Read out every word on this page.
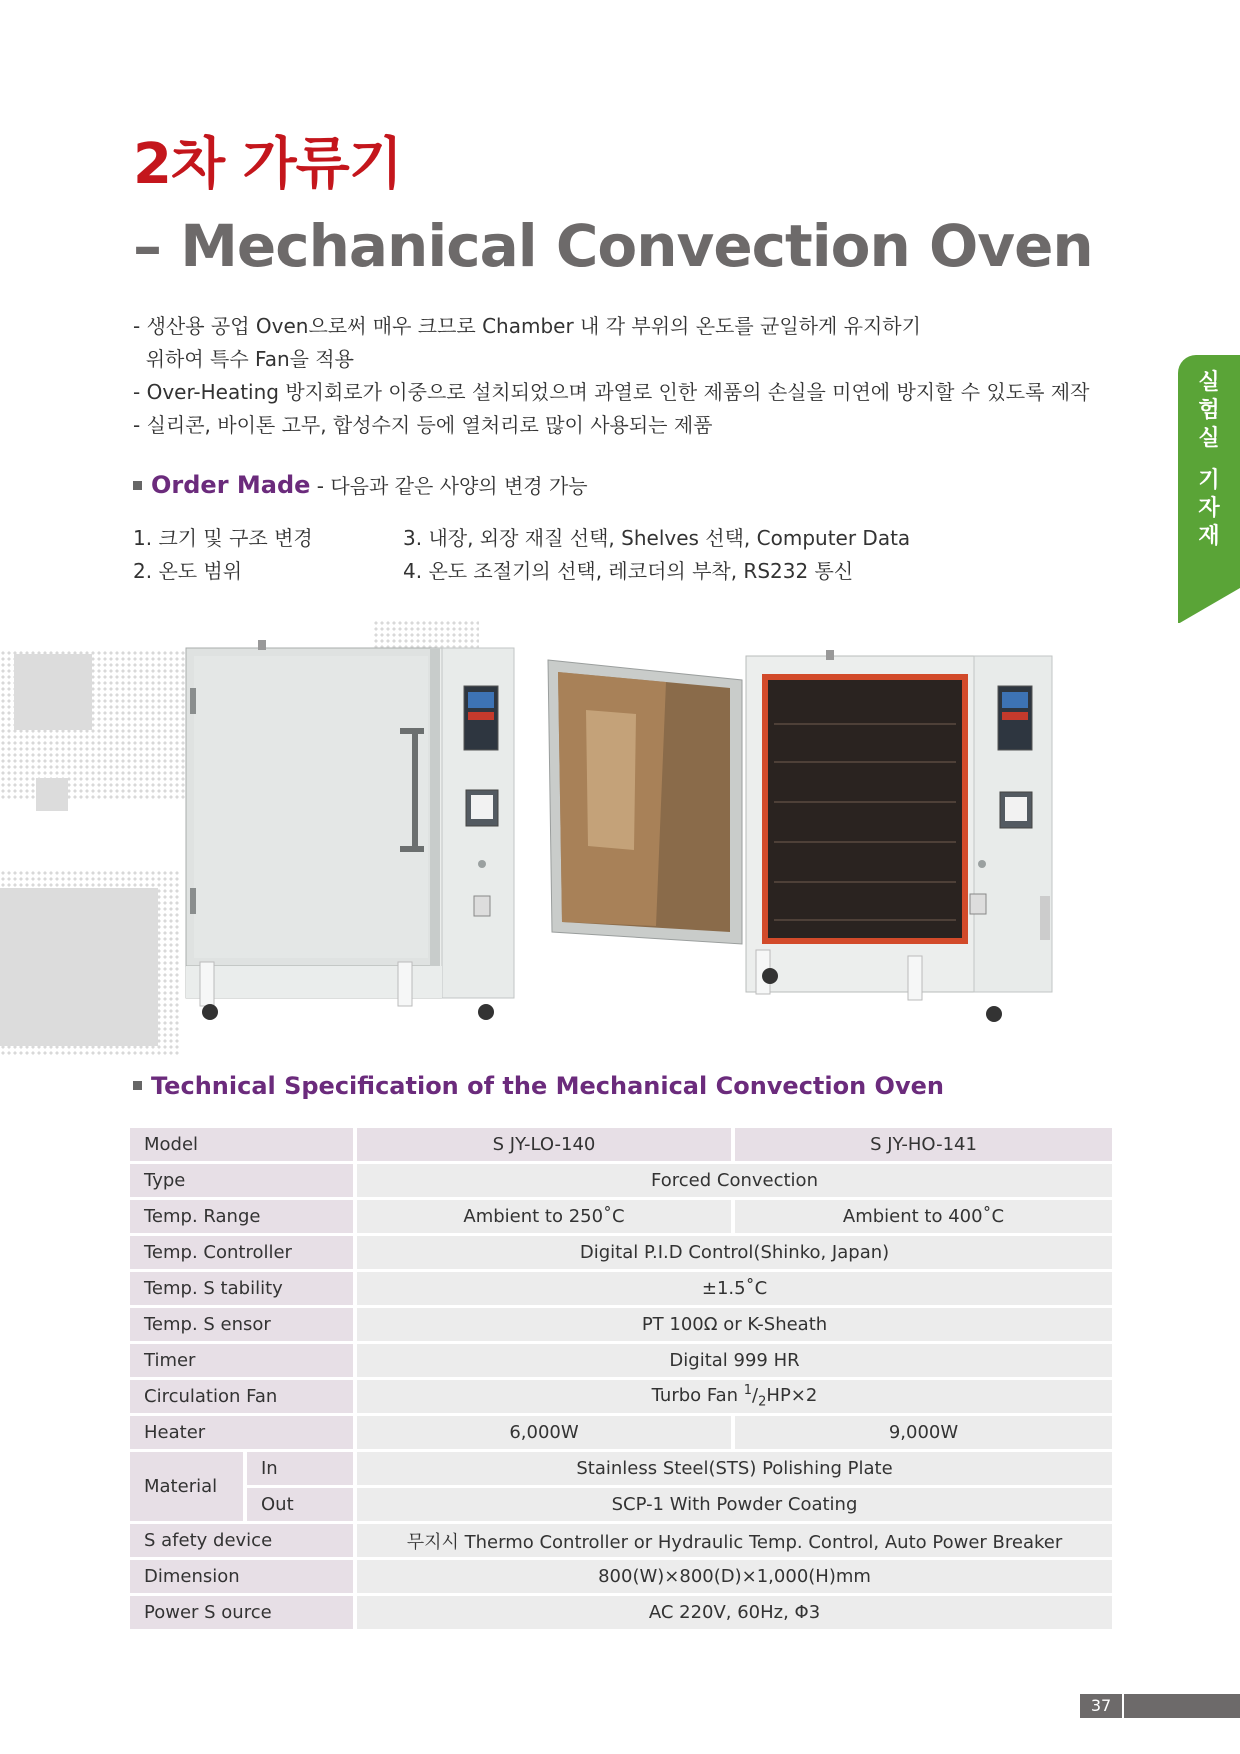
2차 가류기
– Mechanical Convection Oven
- 생산용 공업 Oven으로써 매우 크므로 Chamber 내 각 부위의 온도를 균일하게 유지하기
위하여 특수 Fan을 적용
- Over-Heating 방지회로가 이중으로 설치되었으며 과열로 인한 제품의 손실을 미연에 방지할 수 있도록 제작
- 실리콘, 바이톤 고무, 합성수지 등에 열처리로 많이 사용되는 제품
Order Made - 다음과 같은 사양의 변경 가능
1. 크기 및 구조 변경
2. 온도 범위
3. 내장, 외장 재질 선택, Shelves 선택, Computer Data
4. 온도 조절기의 선택, 레코더의 부착, RS232 통신
실
험
실
기
자
재
Technical Specification of the Mechanical Convection Oven
Model		S JY-LO-140	S JY-HO-141
Type		Forced Convection	
Temp. Range		Ambient to 250˚C	Ambient to 400˚C
Temp. Controller		Digital P.I.D Control(Shinko, Japan)	
Temp. S tability		±1.5˚C	
Temp. S ensor		PT 100Ω or K-Sheath	
Timer		Digital 999 HR	
Circulation Fan		Turbo Fan $^1/_2HP\times 2$	
Heater		6,000W	9,000W
Material	In	Stainless Steel(STS) Polishing Plate	
	Out	SCP-1 With Powder Coating	
S afety device		무지시 Thermo Controller or Hydraulic Temp. Control, Auto Power Breaker	
Dimension		800(W)×800(D)×1,000(H)mm	
Power S ource		AC 220V, 60Hz, Φ3	
37
